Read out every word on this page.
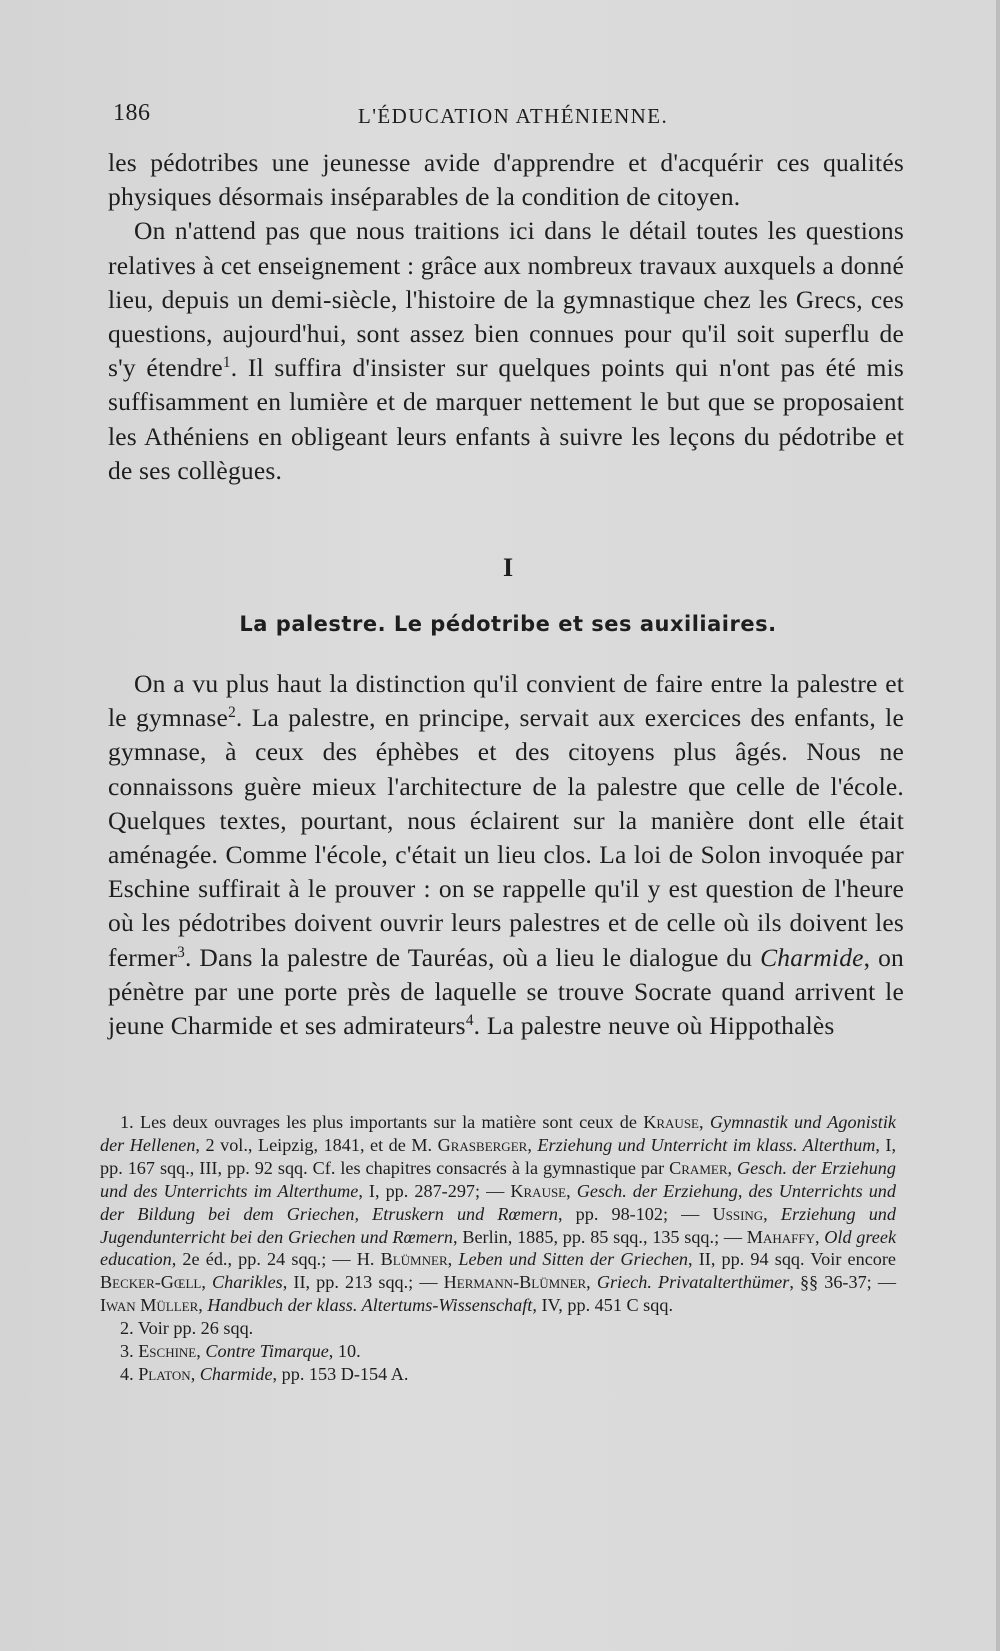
186	L'ÉDUCATION ATHÉNIENNE.

les pédotribes une jeunesse avide d'apprendre et d'acquérir ces qualités physiques désormais inséparables de la condition de citoyen.

On n'attend pas que nous traitions ici dans le détail toutes les questions relatives à cet enseignement : grâce aux nombreux travaux auxquels a donné lieu, depuis un demi-siècle, l'histoire de la gymnastique chez les Grecs, ces questions, aujourd'hui, sont assez bien connues pour qu'il soit superflu de s'y étendre$^1$. Il suffira d'insister sur quelques points qui n'ont pas été mis suffisamment en lumière et de marquer nettement le but que se proposaient les Athéniens en obligeant leurs enfants à suivre les leçons du pédotribe et de ses collègues.

I
La palestre. Le pédotribe et ses auxiliaires.

On a vu plus haut la distinction qu'il convient de faire entre la palestre et le gymnase$^2$. La palestre, en principe, servait aux exercices des enfants, le gymnase, à ceux des éphèbes et des citoyens plus âgés. Nous ne connaissons guère mieux l'architecture de la palestre que celle de l'école. Quelques textes, pourtant, nous éclairent sur la manière dont elle était aménagée. Comme l'école, c'était un lieu clos. La loi de Solon invoquée par Eschine suffirait à le prouver : on se rappelle qu'il y est question de l'heure où les pédotribes doivent ouvrir leurs palestres et de celle où ils doivent les fermer$^3$. Dans la palestre de Tauréas, où a lieu le dialogue du Charmide, on pénètre par une porte près de laquelle se trouve Socrate quand arrivent le jeune Charmide et ses admirateurs$^4$. La palestre neuve où Hippothalès

1. Les deux ouvrages les plus importants sur la matière sont ceux de Krause, Gymnastik und Agonistik der Hellenen, 2 vol., Leipzig, 1841, et de M. Grasberger, Erziehung und Unterricht im klass. Alterthum, I, pp. 167 sqq., III, pp. 92 sqq. Cf. les chapitres consacrés à la gymnastique par Cramer, Gesch. der Erziehung und des Unterrichts im Alterthume, I, pp. 287-297; — Krause, Gesch. der Erziehung, des Unterrichts und der Bildung bei dem Griechen, Etruskern und Rœmern, pp. 98-102; — Ussing, Erziehung und Jugendunterricht bei den Griechen und Rœmern, Berlin, 1885, pp. 85 sqq., 135 sqq.; — Mahaffy, Old greek education, 2e éd., pp. 24 sqq.; — H. Blümner, Leben und Sitten der Griechen, II, pp. 94 sqq. Voir encore Becker-Gœll, Charikles, II, pp. 213 sqq.; — Hermann-Blümner, Griech. Privatalterthümer, §§ 36-37; — Iwan Müller, Handbuch der klass. Altertums-Wissenschaft, IV, pp. 451 C sqq.

2. Voir pp. 26 sqq.

3. Eschine, Contre Timarque, 10.

4. Platon, Charmide, pp. 153 D-154 A.
